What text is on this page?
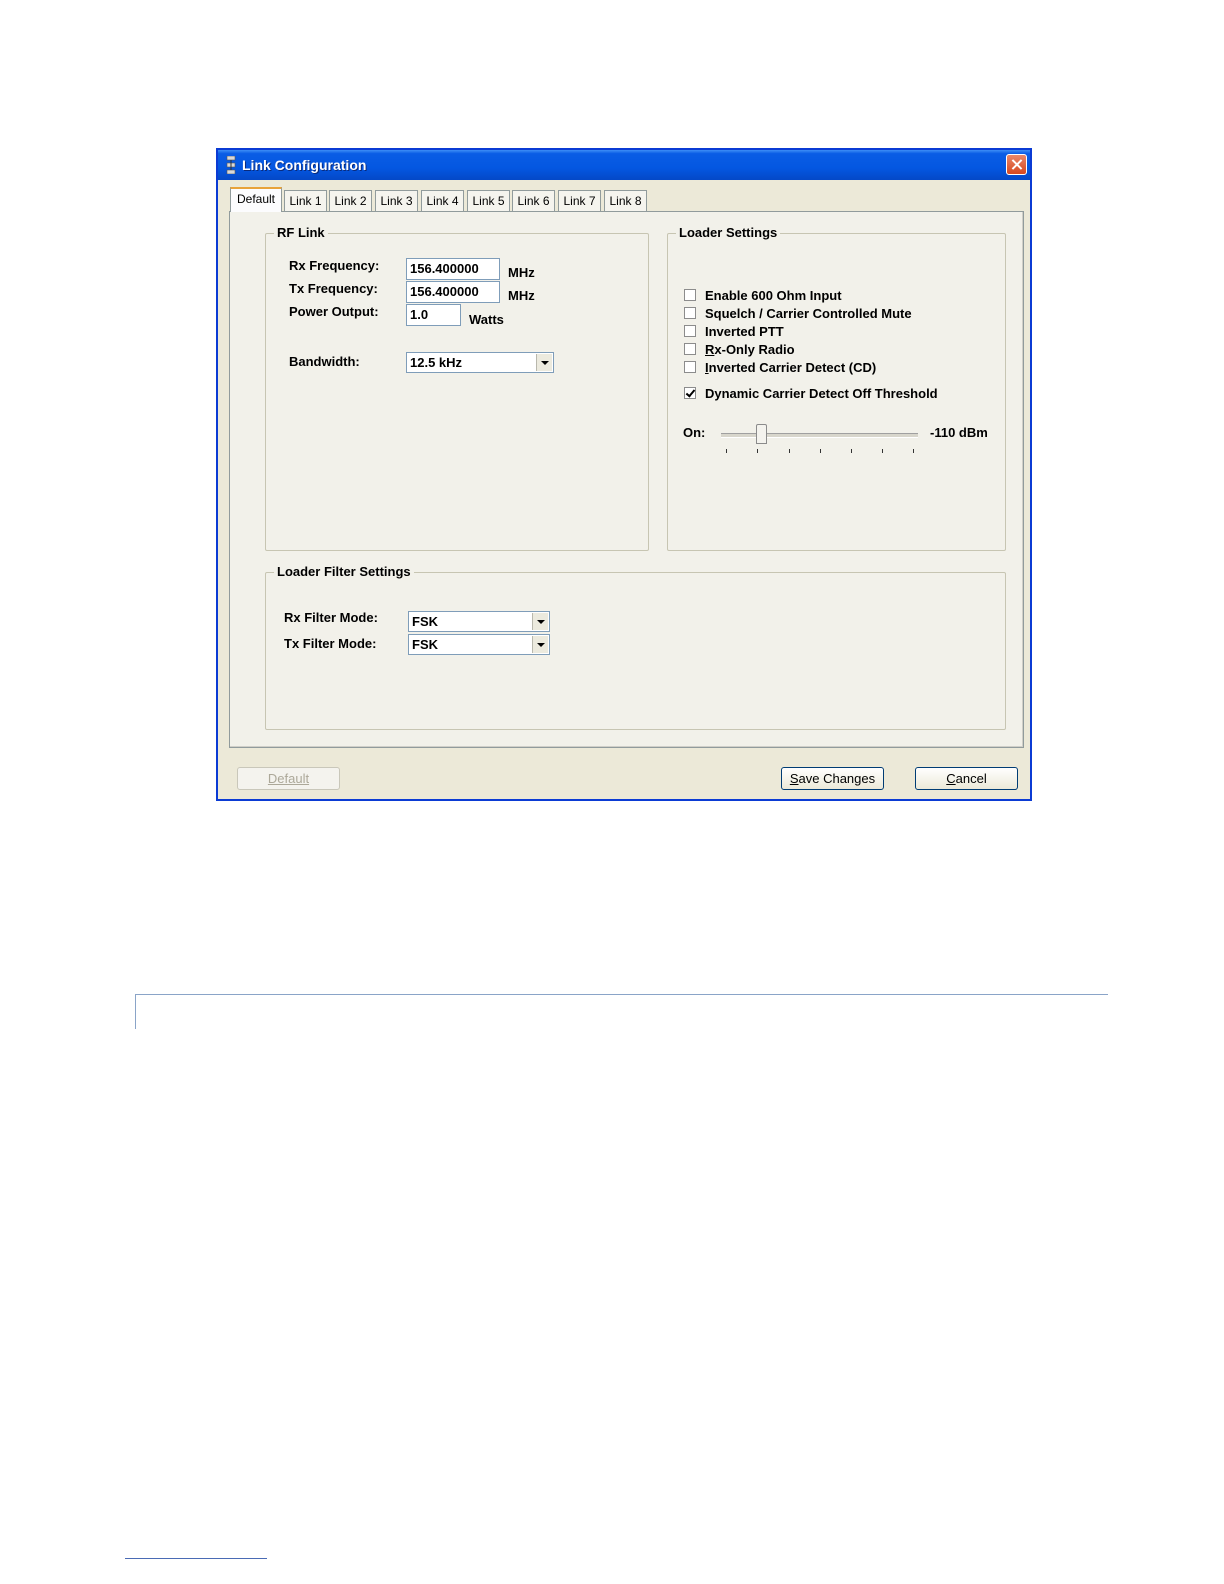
Link Configuration
Default	Link 1	Link 2	Link 3	Link 4	Link 5	Link 6	Link 7	Link 8
RF Link
Rx Frequency:	156.400000	MHz
Tx Frequency:	156.400000	MHz
Power Output:	1.0	Watts
Bandwidth:	12.5 kHz
Loader Settings
Enable 600 Ohm Input
Squelch / Carrier Controlled Mute
Inverted PTT
Rx-Only Radio
Inverted Carrier Detect (CD)
Dynamic Carrier Detect Off Threshold
On:	-110 dBm
Loader Filter Settings
Rx Filter Mode:	FSK
Tx Filter Mode:	FSK
Default	Save Changes	Cancel
